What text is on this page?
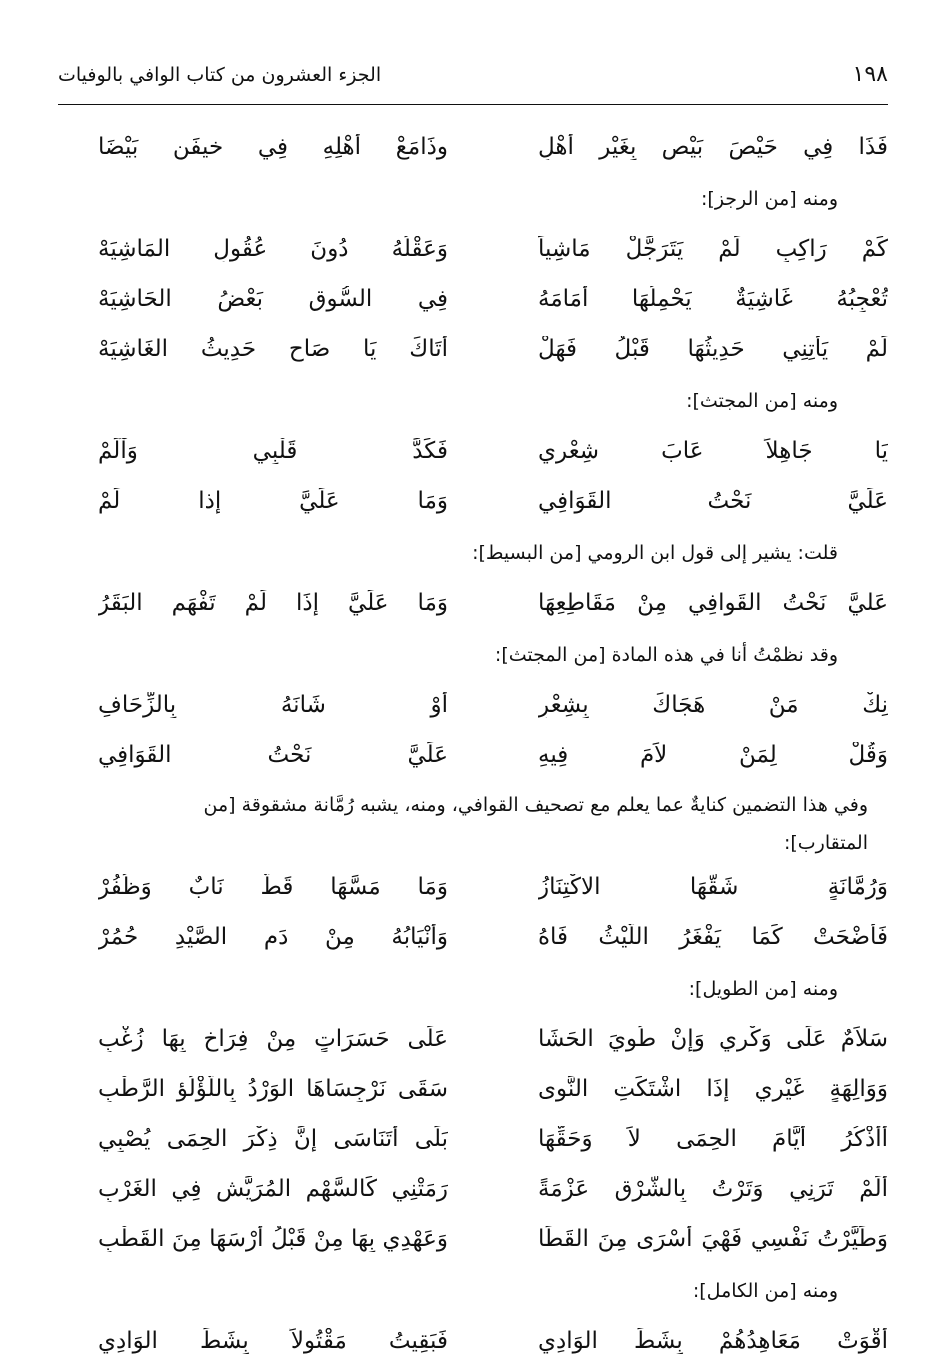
١٩٨
الجزء العشرون من كتاب الوافي بالوفيات
فَذَا فِي حَيْصَ بَيْصِ بِغَيْرِ أَهْلٍ
وذَامَعْ أَهْلِهِ فِي خيفَنِ بَيْضَا
ومنه [من الرجز]:
كَمْ رَاكِبٍ لَمْ يَتَرَجَّلْ مَاشِياً
وَعَقْلُهُ دُونَ عُقُولِ المَاشِيَهْ
تُعْجِبُهُ غَاشِيَةٌ يَحْمِلُهَا أَمَامَهُ
فِي السُّوقِ بَعْضُ الحَاشِيَهْ
لَمْ يَأْتِنِي حَدِيثُهَا قَبْلُ فَهَلْ
أَتَاكَ يَا صَاحِ حَدِيثُ الغَاشِيَهْ
ومنه [من المجتث]:
يَا جَاهِلاً عَابَ شِعْرِي
فَكَدَّ قَلْبِي وَآلَمْ
عَلَيَّ نَحْتُ القَوَافِي
وَمَا عَلَيَّ إذا لَمْ
قلت: يشير إلى قول ابن الرومي [من البسيط]:
عَليَّ نَحْتُ القَوافِي مِنْ مَقَاطِعِهَا
وَمَا عَلَيَّ إذَا لَمْ تَفْهَمِ البَقَرُ
وقد نظمْتُ أنا في هذه المادة [من المجتث]:
نِكْ مَنْ هَجَاكَ بِشِعْرٍ
أَوْ شَانَهُ بِالزِّحَافِ
وَقُلْ لِمَنْ لاَمَ فِيهِ
عَلَيَّ نَحْتُ القَوَافِي
وفي هذا التضمين كنايةٌ عما يعلم مع تصحيف القوافي، ومنه، يشبه رُمَّانة مشقوقة [من
المتقارب]:
وَرُمَّانَةٍ شَقَّهَا الاكْتِنَازُ
وَمَا مَسَّهَا قَطُّ نَابٌ وَظُفُرْ
فَأَضْحَتْ كَمَا يَفْغَرُ اللَّيْثُ فَاهُ
وَأَنْيَابُهُ مِنْ دَمِ الصَّيْدِ حُمُرْ
ومنه [من الطويل]:
سَلاَمٌ عَلَى وَكْرِي وَإِنْ طُوِيَ الحَشَا
عَلَى حَسَرَاتٍ مِنْ فِرَاخٍ بِهَا زُغْبِ
وَوَالِهَةٍ غَيْرِي إِذَا اشْتَكَتِ النَّوى
سَقَى نَرْجِسَاهَا الوَرْدُ بِاللُّؤْلُؤِ الرَّطْبِ
أَأَذْكُرُ أَيَّامَ الحِمَى لاَ وَحَقِّهَا
بَلَى أَتَنَاسَى إِنَّ ذِكْرَ الحِمَى يُصْبِي
أَلَمْ تَرَنِي وَتَرْتُ بِالشَّرْقِ عَزْمَةً
رَمَتْنِي كَالسَّهْمِ المُرَيَّشِ فِي الغَرْبِ
وَطَيَّرْتُ نَفْسِي فَهْيَ أَسْرَى مِنَ القَطَا
وَعَهْدِي بِهَا مِنْ قَبْلُ أَرْسَهَا مِنَ القَطْبِ
ومنه [من الكامل]:
أَقْوَتْ مَعَاهِدُهُمْ بِشَطِّ الوَادِي
فَبَقِيتُ مَقْتُولاً بِشَطِّ الوَادِي
